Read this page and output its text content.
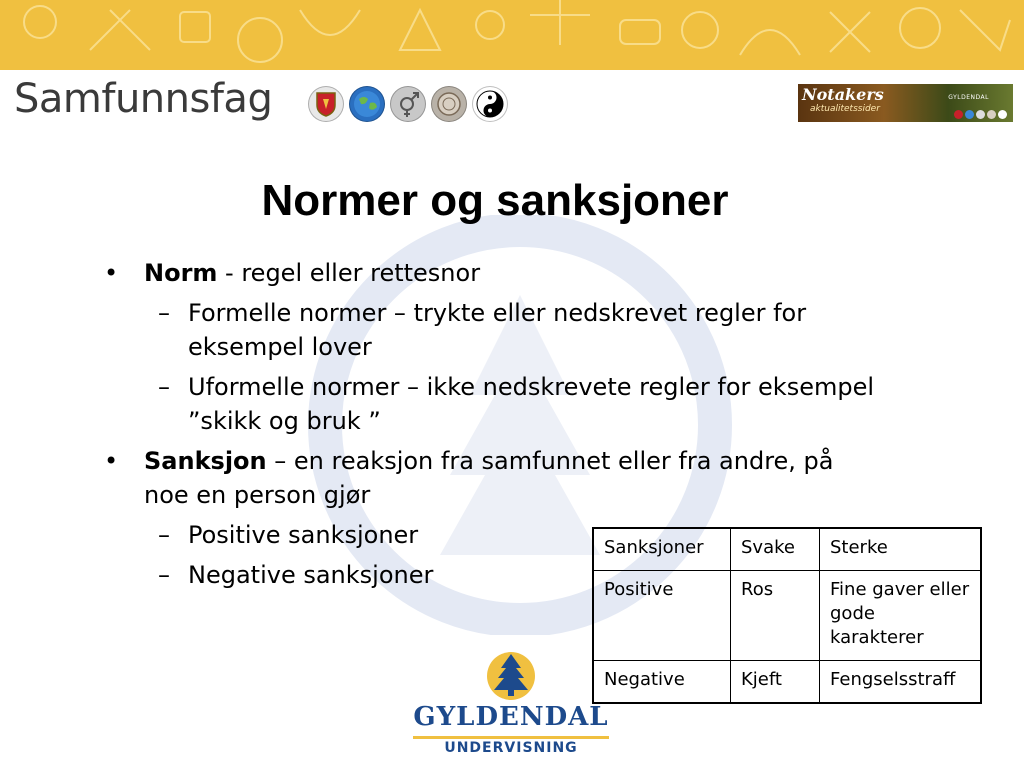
Samfunnsfag	Notakers
aktualitetssider
GYLDENDAL
Normer og sanksjoner
• Norm - regel eller rettesnor
– Formelle normer – trykte eller nedskrevet regler for eksempel lover
– Uformelle normer – ikke nedskrevete regler for eksempel ”skikk og bruk ”
• Sanksjon – en reaksjon fra samfunnet eller fra andre, på noe en person gjør
– Positive sanksjoner
– Negative sanksjoner
Sanksjoner	Svake	Sterke
Positive	Ros	Fine gaver eller gode karakterer
Negative	Kjeft	Fengselsstraff
GYLDENDAL
UNDERVISNING
